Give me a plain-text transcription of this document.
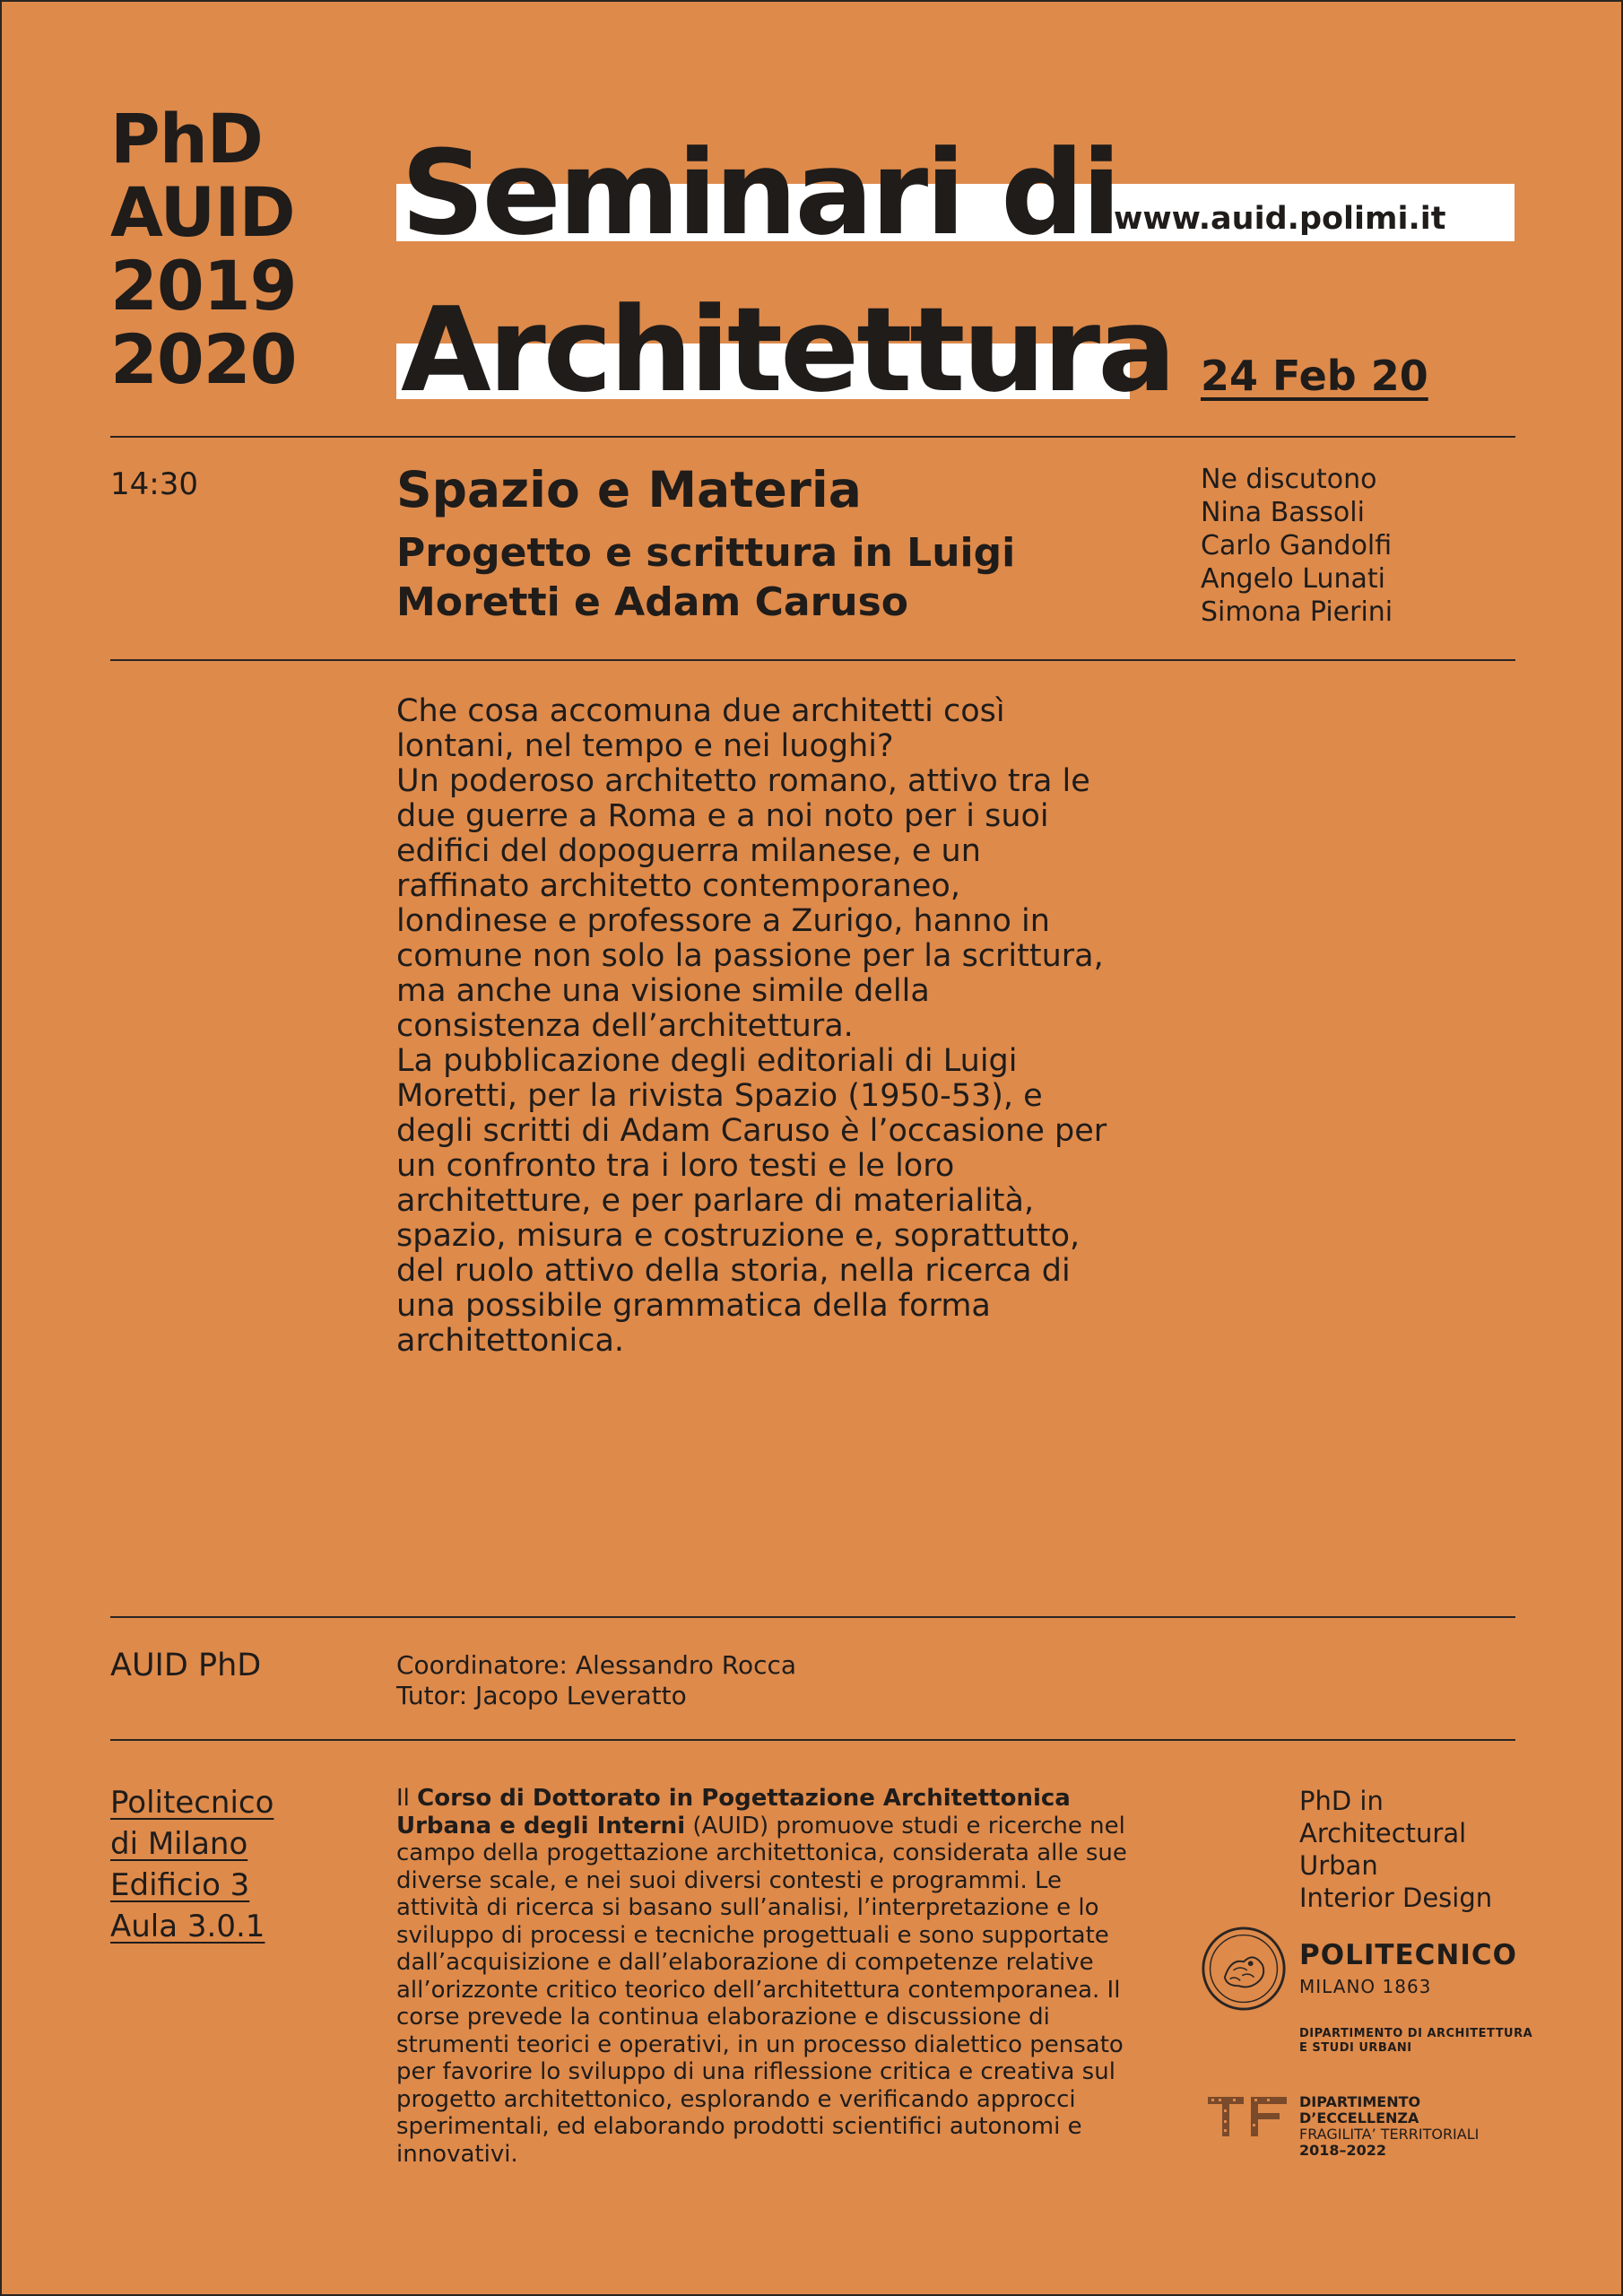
PhD
AUID
2019
2020
Seminari di
Architettura
www.auid.polimi.it
24 Feb 20
14:30	Spazio e Materia
Progetto e scrittura in Luigi Moretti e Adam Caruso
Ne discutono
Nina Bassoli
Carlo Gandolfi
Angelo Lunati
Simona Pierini

Che cosa accomuna due architetti così lontani, nel tempo e nei luoghi?

Un poderoso architetto romano, attivo tra le due guerre a Roma e a noi noto per i suoi edifici del dopoguerra milanese, e un raffinato architetto contemporaneo, londinese e professore a Zurigo, hanno in comune non solo la passione per la scrittura, ma anche una visione simile della consistenza dell’architettura.

La pubblicazione degli editoriali di Luigi Moretti, per la rivista Spazio (1950-53), e degli scritti di Adam Caruso è l’occasione per un confronto tra i loro testi e le loro architetture, e per parlare di materialità, spazio, misura e costruzione e, soprattutto, del ruolo attivo della storia, nella ricerca di una possibile grammatica della forma architettonica.

AUID PhD	Coordinatore: Alessandro Rocca
Tutor: Jacopo Leveratto
Politecnico
di Milano
Edificio 3
Aula 3.0.1
Il Corso di Dottorato in Pogettazione Architettonica Urbana e degli Interni (AUID) promuove studi e ricerche nel campo della progettazione architettonica, considerata alle sue diverse scale, e nei suoi diversi contesti e programmi. Le attività di ricerca si basano sull’analisi, l’interpretazione e lo sviluppo di processi e tecniche progettuali e sono supportate dall’acquisizione e dall’elaborazione di competenze relative all’orizzonte critico teorico dell’architettura contemporanea. Il corse prevede la continua elaborazione e discussione di strumenti teorici e operativi, in un processo dialettico pensato per favorire lo sviluppo di una riflessione critica e creativa sul progetto architettonico, esplorando e verificando approcci sperimentali, ed elaborando prodotti scientifici autonomi e innovativi.
PhD in
Architectural
Urban
Interior Design
POLITECNICO
MILANO 1863
DIPARTIMENTO DI ARCHITETTURA
E STUDI URBANI
DIPARTIMENTO
D’ECCELLENZA
FRAGILITA’ TERRITORIALI
2018–2022
